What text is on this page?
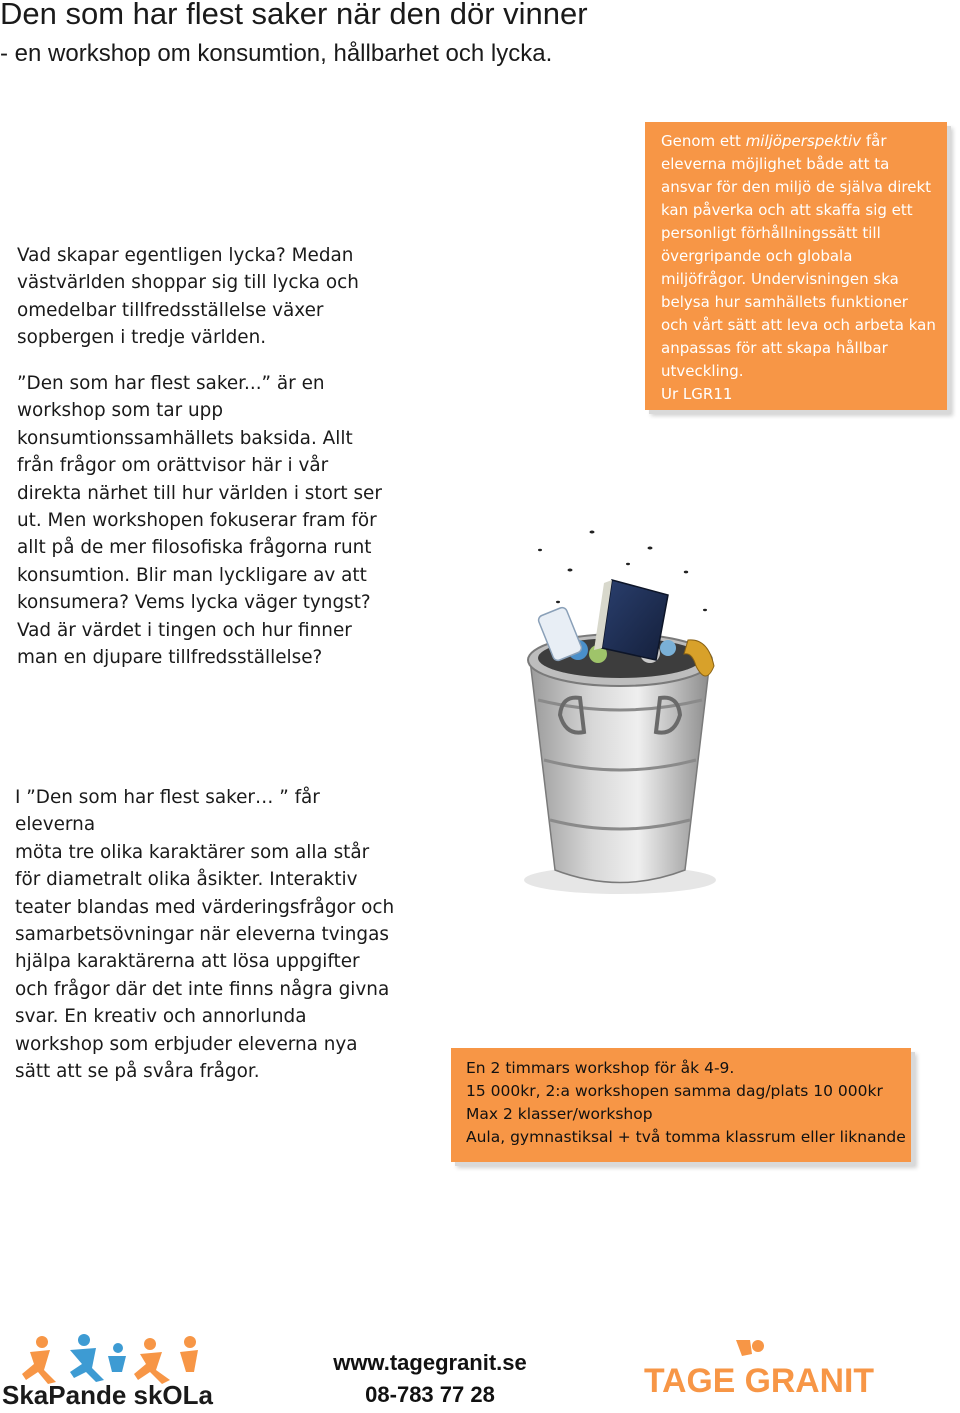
Den som har flest saker när den dör vinner
- en workshop om konsumtion, hållbarhet och lycka.

Vad skapar egentligen lycka? Medan
västvärlden shoppar sig till lycka och
omedelbar tillfredsställelse växer
sopbergen i tredje världen.

”Den som har flest saker...” är en
workshop som tar upp
konsumtionssamhällets baksida. Allt
från frågor om orättvisor här i vår
direkta närhet till hur världen i stort ser
ut. Men workshopen fokuserar fram för
allt på de mer filosofiska frågorna runt
konsumtion. Blir man lyckligare av att
konsumera? Vems lycka väger tyngst?
Vad är värdet i tingen och hur finner
man en djupare tillfredsställelse?

Genom ett miljöperspektiv får
eleverna möjlighet både att ta
ansvar för den miljö de själva direkt
kan påverka och att skaffa sig ett
personligt förhållningssätt till
övergripande och globala
miljöfrågor. Undervisningen ska
belysa hur samhällets funktioner
och vårt sätt att leva och arbeta kan
anpassas för att skapa hållbar
utveckling.
Ur LGR11

I ”Den som har flest saker… ” får eleverna
möta tre olika karaktärer som alla står
för diametralt olika åsikter. Interaktiv
teater blandas med värderingsfrågor och
samarbetsövningar när eleverna tvingas
hjälpa karaktärerna att lösa uppgifter
och frågor där det inte finns några givna
svar. En kreativ och annorlunda
workshop som erbjuder eleverna nya
sätt att se på svåra frågor.	En 2 timmars workshop för åk 4-9.
15 000kr, 2:a workshopen samma dag/plats 10 000kr
Max 2 klasser/workshop
Aula, gymnastiksal + två tomma klassrum eller liknande
SkaPande skOLa
www.tagegranit.se
08-783 77 28	TAGE GRANIT
